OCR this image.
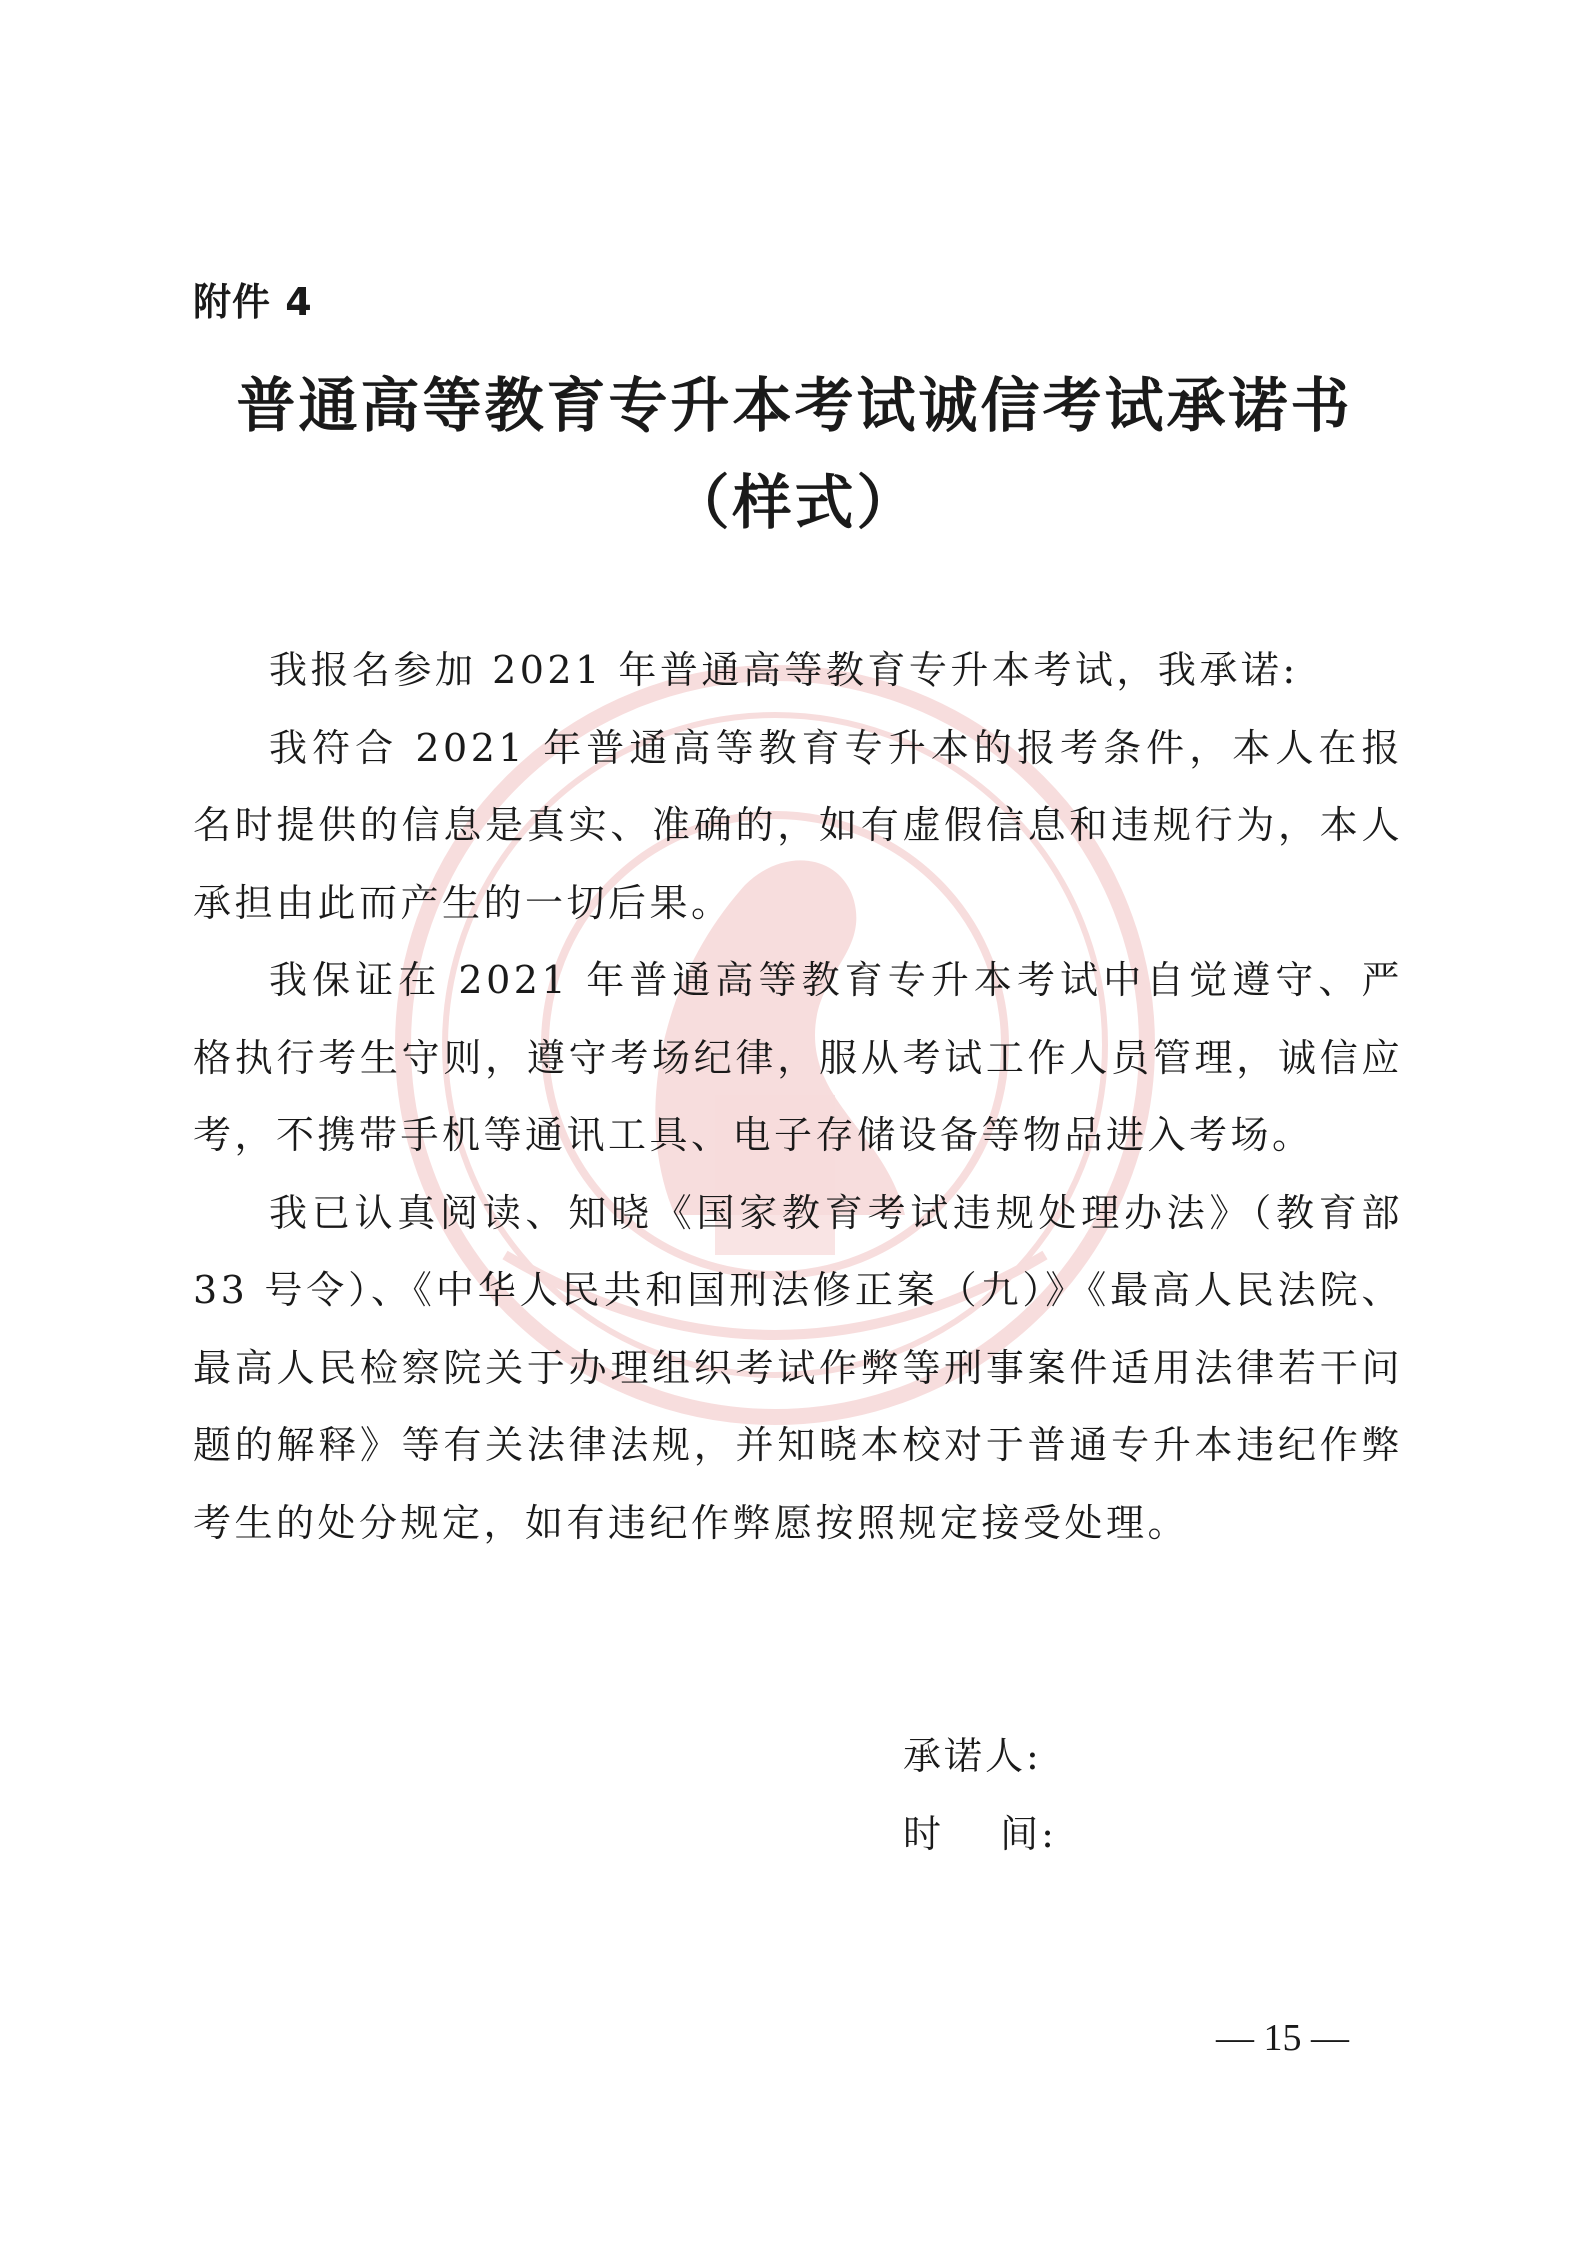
附件 4
普通高等教育专升本考试诚信考试承诺书
（样式）

我报名参加 2021 年普通高等教育专升本考试，我承诺:

我符合 2021 年普通高等教育专升本的报考条件，本人在报名时提供的信息是真实、准确的，如有虚假信息和违规行为，本人承担由此而产生的一切后果。

我保证在 2021 年普通高等教育专升本考试中自觉遵守、严格执行考生守则，遵守考场纪律，服从考试工作人员管理，诚信应考，不携带手机等通讯工具、电子存储设备等物品进入考场。

我已认真阅读、知晓《国家教育考试违规处理办法》（教育部 33 号令）、《中华人民共和国刑法修正案（九）》《最高人民法院、最高人民检察院关于办理组织考试作弊等刑事案件适用法律若干问题的解释》等有关法律法规，并知晓本校对于普通专升本违纪作弊考生的处分规定，如有违纪作弊愿按照规定接受处理。

承诺人:
时　 间:
— 15 —
